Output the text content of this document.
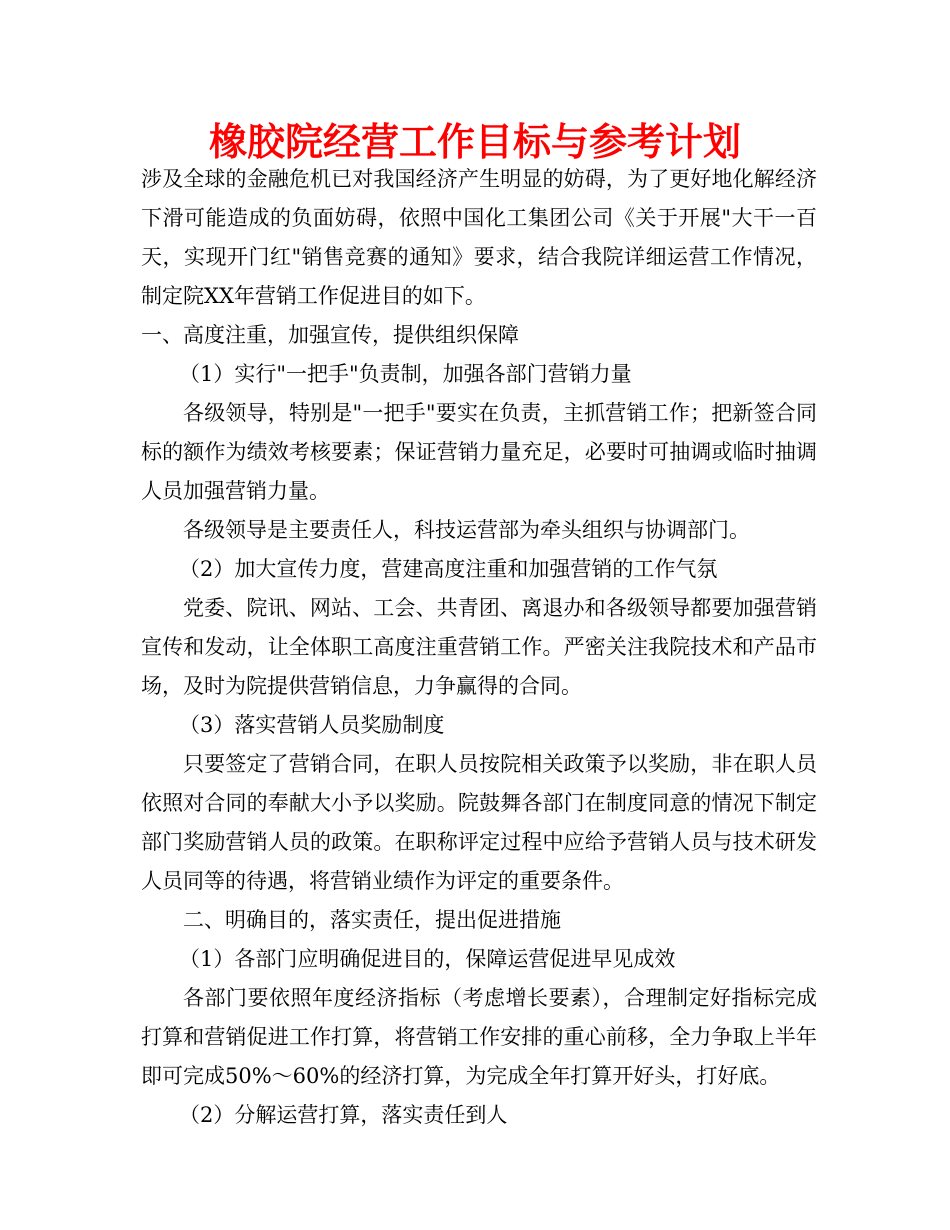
橡胶院经营工作目标与参考计划

涉及全球的金融危机已对我国经济产生明显的妨碍，为了更好地化解经济下滑可能造成的负面妨碍，依照中国化工集团公司《关于开展"大干一百天，实现开门红"销售竞赛的通知》要求，结合我院详细运营工作情况，制定院XX年营销工作促进目的如下。

一、高度注重，加强宣传，提供组织保障

（1）实行"一把手"负责制，加强各部门营销力量

各级领导，特别是"一把手"要实在负责，主抓营销工作；把新签合同标的额作为绩效考核要素；保证营销力量充足，必要时可抽调或临时抽调人员加强营销力量。

各级领导是主要责任人，科技运营部为牵头组织与协调部门。

（2）加大宣传力度，营建高度注重和加强营销的工作气氛

党委、院讯、网站、工会、共青团、离退办和各级领导都要加强营销宣传和发动，让全体职工高度注重营销工作。严密关注我院技术和产品市场，及时为院提供营销信息，力争赢得的合同。

（3）落实营销人员奖励制度

只要签定了营销合同，在职人员按院相关政策予以奖励，非在职人员依照对合同的奉献大小予以奖励。院鼓舞各部门在制度同意的情况下制定部门奖励营销人员的政策。在职称评定过程中应给予营销人员与技术研发人员同等的待遇，将营销业绩作为评定的重要条件。

二、明确目的，落实责任，提出促进措施

（1）各部门应明确促进目的，保障运营促进早见成效

各部门要依照年度经济指标（考虑增长要素），合理制定好指标完成打算和营销促进工作打算，将营销工作安排的重心前移，全力争取上半年即可完成50%～60%的经济打算，为完成全年打算开好头，打好底。

（2）分解运营打算，落实责任到人
